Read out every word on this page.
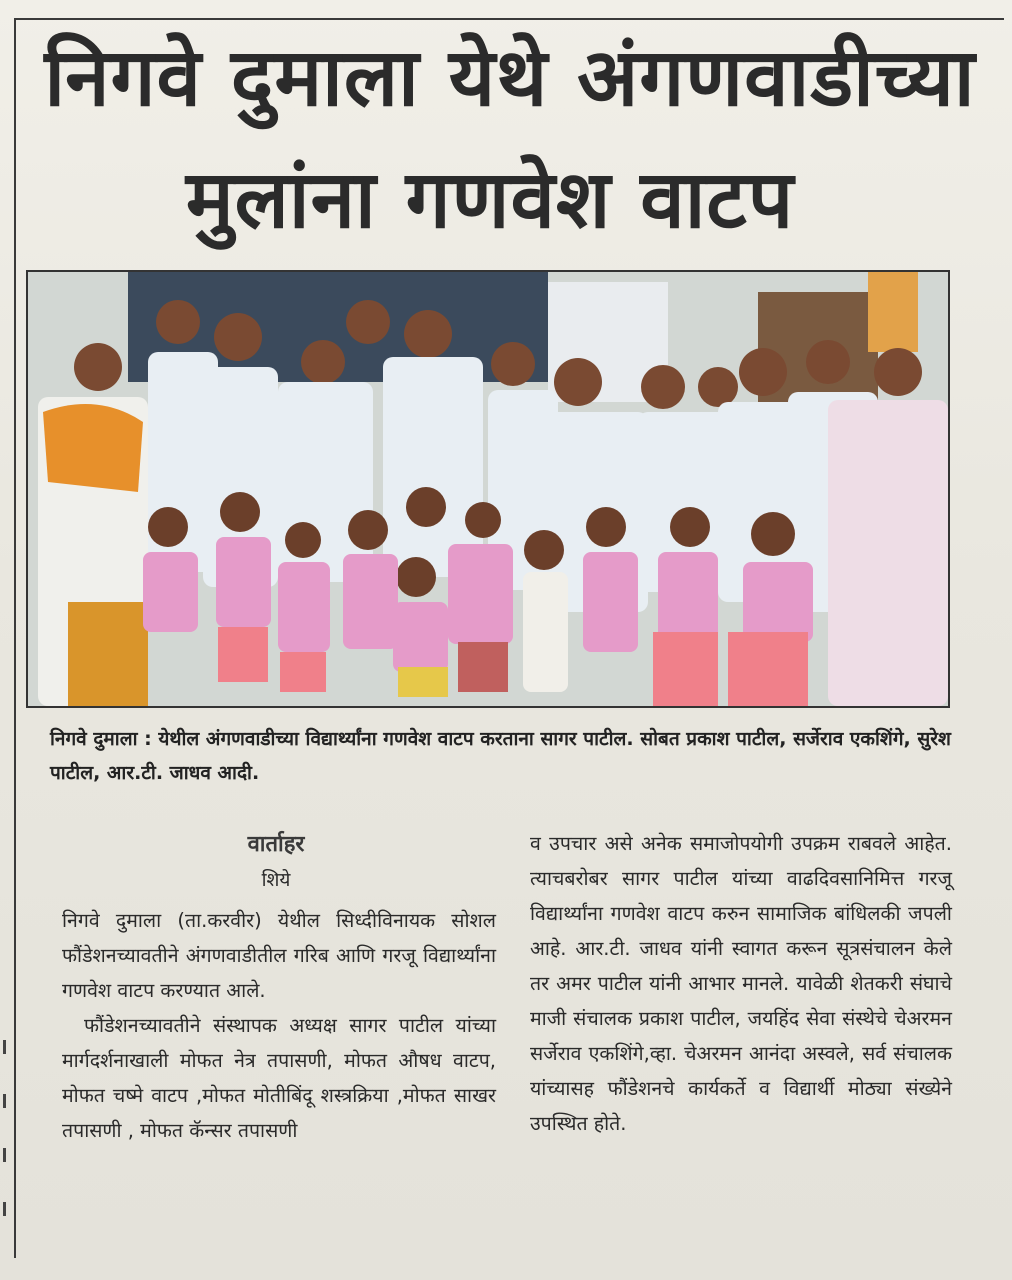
निगवे दुमाला येथे अंगणवाडीच्या
मुलांना गणवेश वाटप
निगवे दुमाला : येथील अंगणवाडीच्या विद्यार्थ्यांना गणवेश वाटप करताना सागर पाटील. सोबत प्रकाश पाटील, सर्जेराव एकशिंगे, सुरेश पाटील, आर.टी. जाधव आदी.
वार्ताहर
शिये

निगवे दुमाला (ता.करवीर) येथील सिध्दीविनायक सोशल फौंडेशनच्यावतीने अंगणवाडीतील गरिब आणि गरजू विद्यार्थ्यांना गणवेश वाटप करण्यात आले.

फौंडेशनच्यावतीने संस्थापक अध्यक्ष सागर पाटील यांच्या मार्गदर्शनाखाली मोफत नेत्र तपासणी, मोफत औषध वाटप, मोफत चष्मे वाटप ,मोफत मोतीबिंदू शस्त्रक्रिया ,मोफत साखर तपासणी , मोफत कॅन्सर तपासणी

व उपचार असे अनेक समाजोपयोगी उपक्रम राबवले आहेत. त्याचबरोबर सागर पाटील यांच्या वाढदिवसानिमित्त गरजू विद्यार्थ्यांना गणवेश वाटप करुन सामाजिक बांधिलकी जपली आहे. आर.टी. जाधव यांनी स्वागत करून सूत्रसंचालन केले तर अमर पाटील यांनी आभार मानले. यावेळी शेतकरी संघाचे माजी संचालक प्रकाश पाटील, जयहिंद सेवा संस्थेचे चेअरमन सर्जेराव एकशिंगे,व्हा. चेअरमन आनंदा अस्वले, सर्व संचालक यांच्यासह फौंडेशनचे कार्यकर्ते व विद्यार्थी मोठ्या संख्येने उपस्थित होते.
